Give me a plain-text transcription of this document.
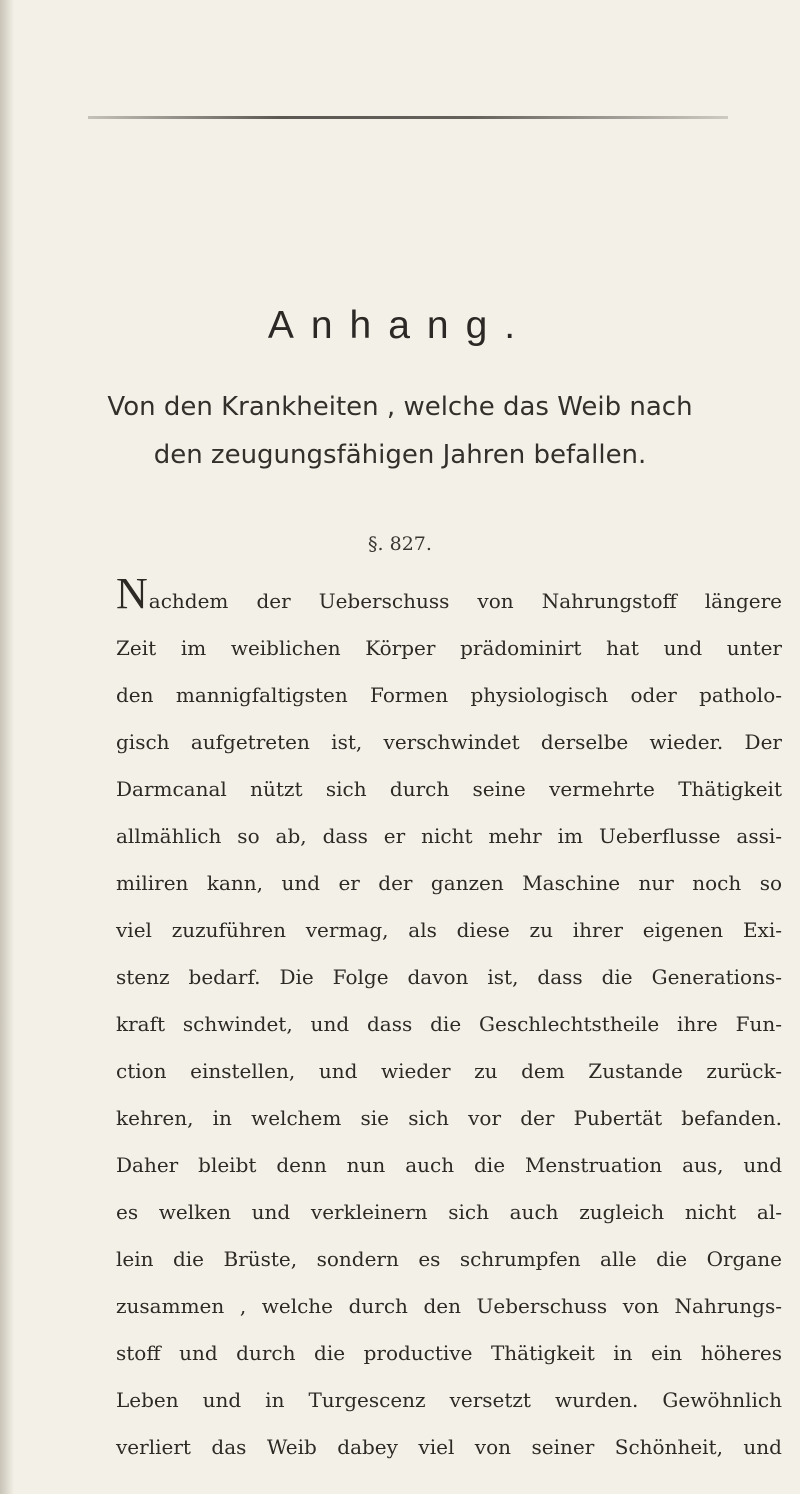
Anhang.
Von den Krankheiten , welche das Weib nach
den zeugungsfähigen Jahren befallen.
§. 827.
Nachdem der Ueberschuss von Nahrungstoff längere
Zeit im weiblichen Körper prädominirt hat und unter
den mannigfaltigsten Formen physiologisch oder patholo-
gisch aufgetreten ist, verschwindet derselbe wieder. Der
Darmcanal nützt sich durch seine vermehrte Thätigkeit
allmählich so ab, dass er nicht mehr im Ueberflusse assi-
miliren kann, und er der ganzen Maschine nur noch so
viel zuzuführen vermag, als diese zu ihrer eigenen Exi-
stenz bedarf. Die Folge davon ist, dass die Generations-
kraft schwindet, und dass die Geschlechtstheile ihre Fun-
ction einstellen, und wieder zu dem Zustande zurück-
kehren, in welchem sie sich vor der Pubertät befanden.
Daher bleibt denn nun auch die Menstruation aus, und
es welken und verkleinern sich auch zugleich nicht al-
lein die Brüste, sondern es schrumpfen alle die Organe
zusammen , welche durch den Ueberschuss von Nahrungs-
stoff und durch die productive Thätigkeit in ein höheres
Leben und in Turgescenz versetzt wurden. Gewöhnlich
verliert das Weib dabey viel von seiner Schönheit, und
